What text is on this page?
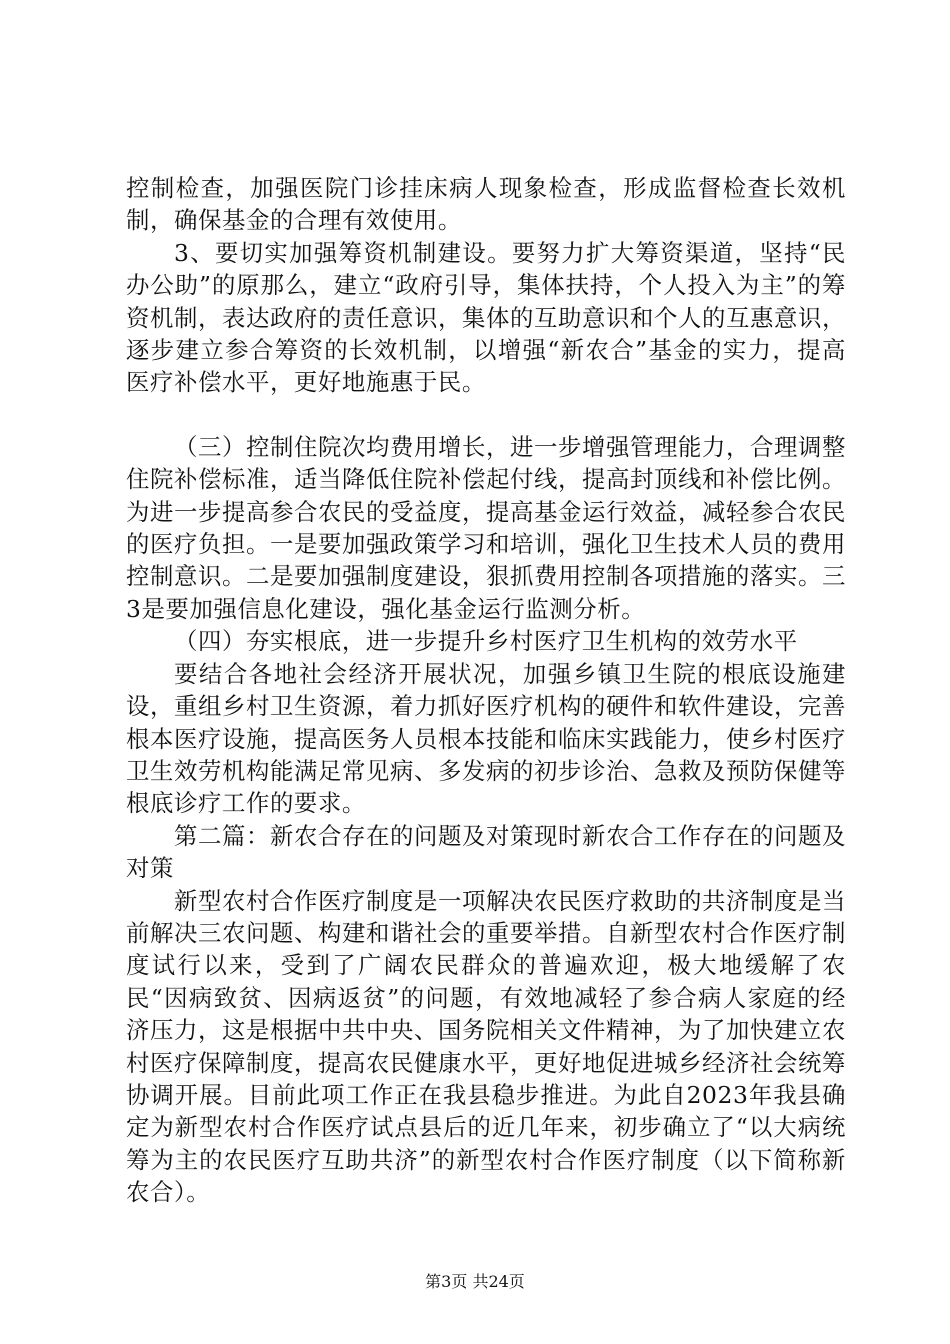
控制检查，加强医院门诊挂床病人现象检查，形成监督检查长效机制，确保基金的合理有效使用。

3、要切实加强筹资机制建设。要努力扩大筹资渠道，坚持“民办公助”的原那么，建立“政府引导，集体扶持，个人投入为主”的筹资机制，表达政府的责任意识，集体的互助意识和个人的互惠意识，逐步建立参合筹资的长效机制，以增强“新农合”基金的实力，提高医疗补偿水平，更好地施惠于民。

（三）控制住院次均费用增长，进一步增强管理能力，合理调整住院补偿标准，适当降低住院补偿起付线，提高封顶线和补偿比例。为进一步提高参合农民的受益度，提高基金运行效益，减轻参合农民的医疗负担。一是要加强政策学习和培训，强化卫生技术人员的费用控制意识。二是要加强制度建设，狠抓费用控制各项措施的落实。三3是要加强信息化建设，强化基金运行监测分析。

（四）夯实根底，进一步提升乡村医疗卫生机构的效劳水平

要结合各地社会经济开展状况，加强乡镇卫生院的根底设施建设，重组乡村卫生资源，着力抓好医疗机构的硬件和软件建设，完善根本医疗设施，提高医务人员根本技能和临床实践能力，使乡村医疗卫生效劳机构能满足常见病、多发病的初步诊治、急救及预防保健等根底诊疗工作的要求。

第二篇：新农合存在的问题及对策现时新农合工作存在的问题及对策

新型农村合作医疗制度是一项解决农民医疗救助的共济制度是当前解决三农问题、构建和谐社会的重要举措。自新型农村合作医疗制度试行以来，受到了广阔农民群众的普遍欢迎，极大地缓解了农民“因病致贫、因病返贫”的问题，有效地减轻了参合病人家庭的经济压力，这是根据中共中央、国务院相关文件精神，为了加快建立农村医疗保障制度，提高农民健康水平，更好地促进城乡经济社会统筹协调开展。目前此项工作正在我县稳步推进。为此自2023年我县确定为新型农村合作医疗试点县后的近几年来，初步确立了“以大病统筹为主的农民医疗互助共济”的新型农村合作医疗制度（以下简称新农合）。

第3页 共24页
